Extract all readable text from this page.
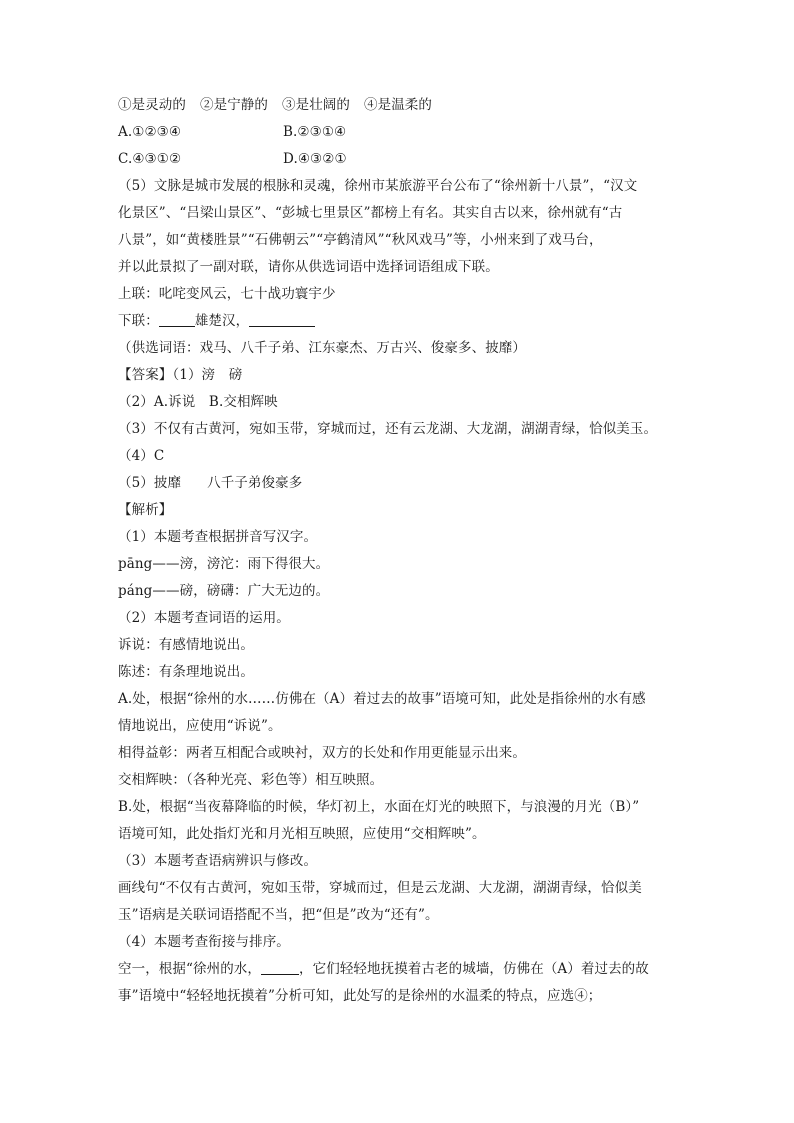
①是灵动的 ②是宁静的 ③是壮阔的 ④是温柔的
A.①②③④	B.②③①④
C.④③①②	D.④③②①
（5）文脉是城市发展的根脉和灵魂，徐州市某旅游平台公布了“徐州新十八景”，“汉文
化景区”、“吕梁山景区”、“彭城七里景区”都榜上有名。其实自古以来，徐州就有“古
八景”，如“黄楼胜景”“石佛朝云”“亭鹤清风”“秋风戏马”等，小州来到了戏马台，
并以此景拟了一副对联，请你从供选词语中选择词语组成下联。
上联：叱咤变风云，七十战功寰宇少
下联：	雄楚汉，
（供选词语：戏马、八千子弟、江东豪杰、万古兴、俊豪多、披靡）
【答案】（1）滂　磅
（2）A.诉说　B.交相辉映
（3）不仅有古黄河，宛如玉带，穿城而过，还有云龙湖、大龙湖，湖湖青绿，恰似美玉。
（4）C
（5）披靡 八千子弟俊豪多
【解析】
（1）本题考查根据拼音写汉字。
pāng——滂，滂沱：雨下得很大。
páng——磅，磅礴：广大无边的。
（2）本题考查词语的运用。
诉说：有感情地说出。
陈述：有条理地说出。
A.处，根据“徐州的水……仿佛在（A）着过去的故事”语境可知，此处是指徐州的水有感
情地说出，应使用“诉说”。
相得益彰：两者互相配合或映衬，双方的长处和作用更能显示出来。
交相辉映：（各种光亮、彩色等）相互映照。
B.处，根据“当夜幕降临的时候，华灯初上，水面在灯光的映照下，与浪漫的月光（B）”
语境可知，此处指灯光和月光相互映照，应使用“交相辉映”。
（3）本题考查语病辨识与修改。
画线句“不仅有古黄河，宛如玉带，穿城而过，但是云龙湖、大龙湖，湖湖青绿，恰似美
玉”语病是关联词语搭配不当，把“但是”改为“还有”。
（4）本题考查衔接与排序。
空一，根据“徐州的水，	，它们轻轻地抚摸着古老的城墙，仿佛在（A）着过去的故
事”语境中“轻轻地抚摸着”分析可知，此处写的是徐州的水温柔的特点，应选④；
